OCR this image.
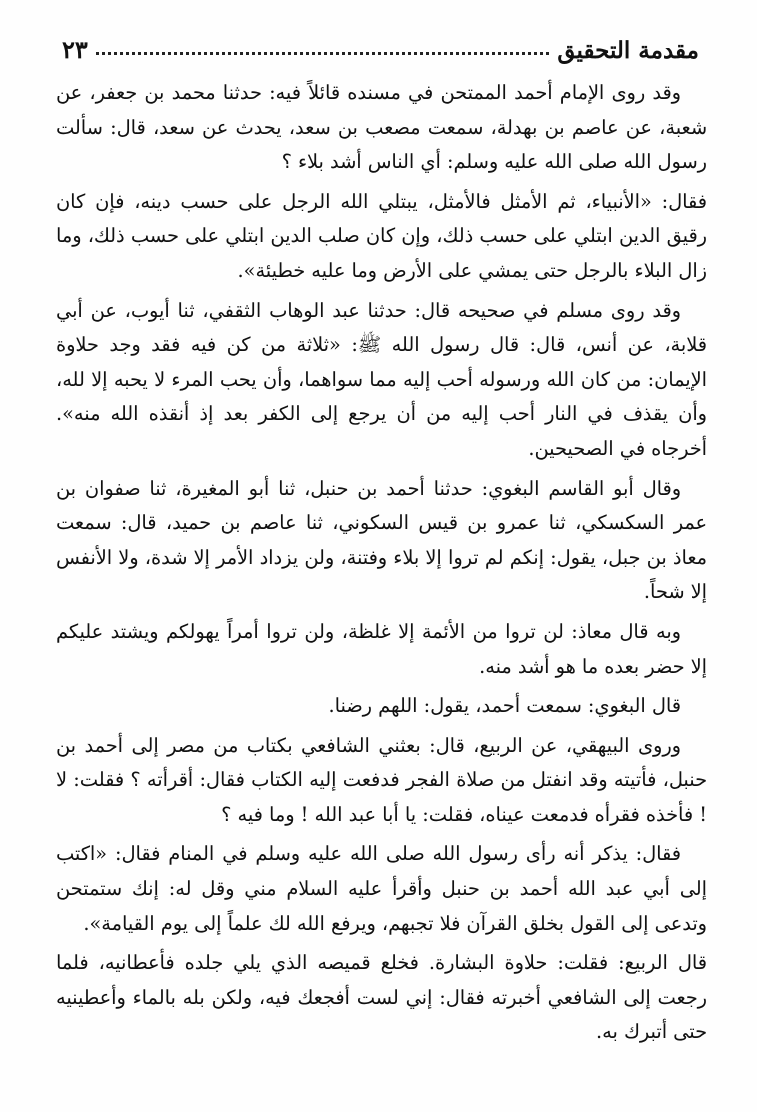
مقدمة التحقيق
٢٣

وقد روى الإمام أحمد الممتحن في مسنده قائلاً فيه: حدثنا محمد بن جعفر، عن شعبة، عن عاصم بن بهدلة، سمعت مصعب بن سعد، يحدث عن سعد، قال: سألت رسول الله صلى الله عليه وسلم: أي الناس أشد بلاء ؟

فقال: «الأنبياء، ثم الأمثل فالأمثل، يبتلي الله الرجل على حسب دينه، فإن كان رقيق الدين ابتلي على حسب ذلك، وإن كان صلب الدين ابتلي على حسب ذلك، وما زال البلاء بالرجل حتى يمشي على الأرض وما عليه خطيئة».

وقد روى مسلم في صحيحه قال: حدثنا عبد الوهاب الثقفي، ثنا أيوب، عن أبي قلابة، عن أنس، قال: قال رسول الله ﷺ: «ثلاثة من كن فيه فقد وجد حلاوة الإيمان: من كان الله ورسوله أحب إليه مما سواهما، وأن يحب المرء لا يحبه إلا لله، وأن يقذف في النار أحب إليه من أن يرجع إلى الكفر بعد إذ أنقذه الله منه». أخرجاه في الصحيحين.

وقال أبو القاسم البغوي: حدثنا أحمد بن حنبل، ثنا أبو المغيرة، ثنا صفوان بن عمر السكسكي، ثنا عمرو بن قيس السكوني، ثنا عاصم بن حميد، قال: سمعت معاذ بن جبل، يقول: إنكم لم تروا إلا بلاء وفتنة، ولن يزداد الأمر إلا شدة، ولا الأنفس إلا شحاً.

وبه قال معاذ: لن تروا من الأئمة إلا غلظة، ولن تروا أمراً يهولكم ويشتد عليكم إلا حضر بعده ما هو أشد منه.

قال البغوي: سمعت أحمد، يقول: اللهم رضنا.

وروى البيهقي، عن الربيع، قال: بعثني الشافعي بكتاب من مصر إلى أحمد بن حنبل، فأتيته وقد انفتل من صلاة الفجر فدفعت إليه الكتاب فقال: أقرأته ؟ فقلت: لا ! فأخذه فقرأه فدمعت عيناه، فقلت: يا أبا عبد الله ! وما فيه ؟

فقال: يذكر أنه رأى رسول الله صلى الله عليه وسلم في المنام فقال: «اكتب إلى أبي عبد الله أحمد بن حنبل وأقرأ عليه السلام مني وقل له: إنك ستمتحن وتدعى إلى القول بخلق القرآن فلا تجبهم، ويرفع الله لك علماً إلى يوم القيامة».

قال الربيع: فقلت: حلاوة البشارة. فخلع قميصه الذي يلي جلده فأعطانيه، فلما رجعت إلى الشافعي أخبرته فقال: إني لست أفجعك فيه، ولكن بله بالماء وأعطينيه حتى أتبرك به.
